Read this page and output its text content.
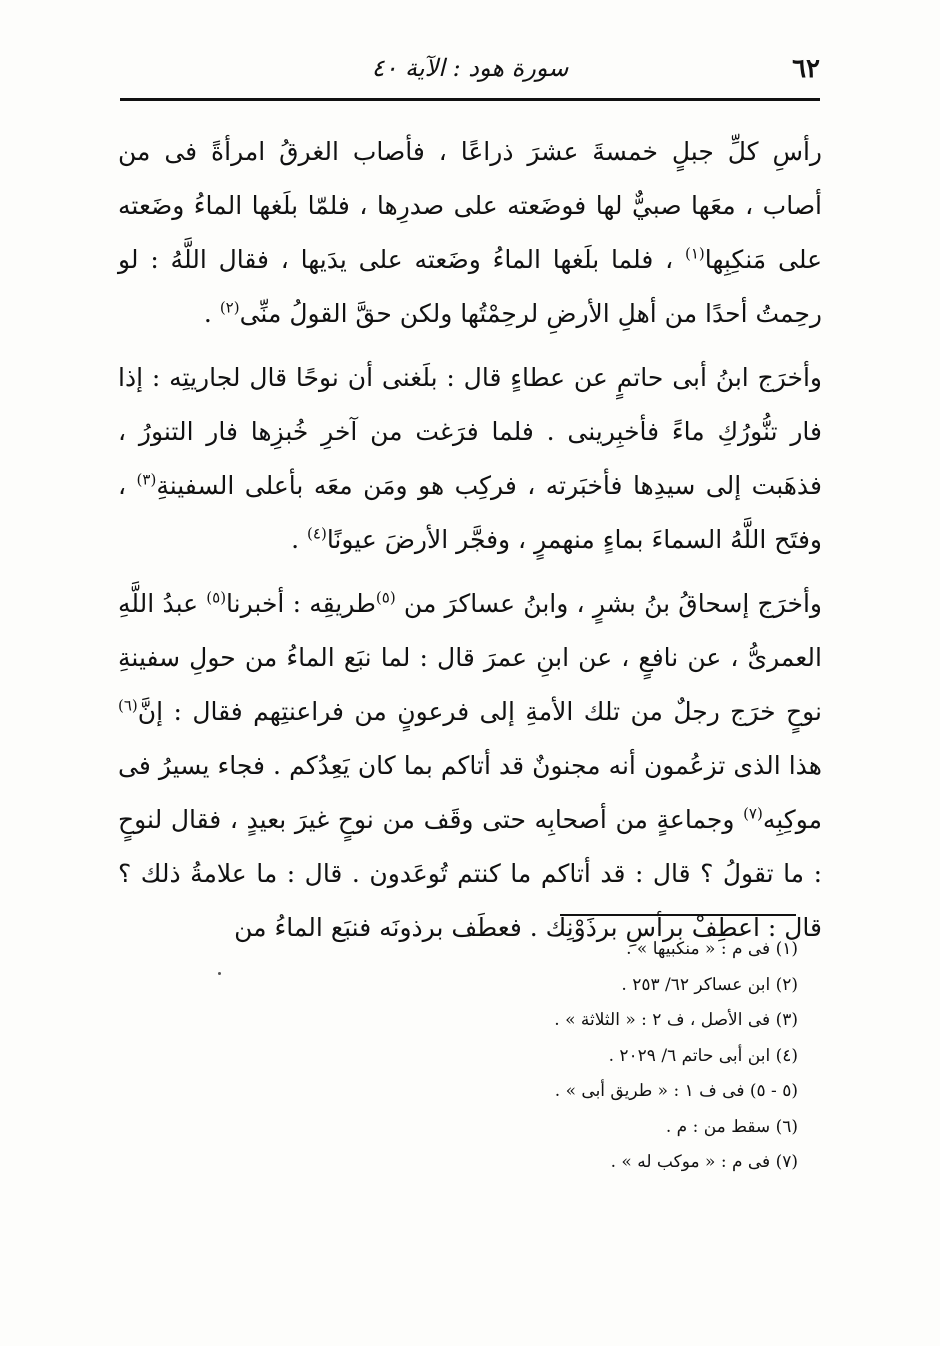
٦٢
سورة هود : الآية ٤٠

رأسِ كلِّ جبلٍ خمسةَ عشرَ ذراعًا ، فأصاب الغرقُ امرأةً فى من أصاب ، معَها صبيٌّ لها فوضَعته على صدرِها ، فلمّا بلَغها الماءُ وضَعته على مَنكِبِها$^{(١)}$ ، فلما بلَغها الماءُ وضَعته على يدَيها ، فقال اللَّهُ : لو رحِمتُ أحدًا من أهلِ الأرضِ لرحِمْتُها ولكن حقَّ القولُ منِّى$^{(٢)}$ .

وأخرَج ابنُ أبى حاتمٍ عن عطاءٍ قال : بلَغنى أن نوحًا قال لجاريتِه : إذا فار تنُّورُكِ ماءً فأخبِرينى . فلما فرَغت من آخرِ خُبزِها فار التنورُ ، فذهَبت إلى سيدِها فأخبَرته ، فركِب هو ومَن معَه بأعلى السفينةِ$^{(٣)}$ ، وفتَح اللَّهُ السماءَ بماءٍ منهمرٍ ، وفجَّر الأرضَ عيونًا$^{(٤)}$ .

وأخرَج إسحاقُ بنُ بشرٍ ، وابنُ عساكرَ من $^{(٥)}$طريقِه : أخبرنا$^{(٥)}$ عبدُ اللَّهِ العمرىُّ ، عن نافعٍ ، عن ابنِ عمرَ قال : لما نبَع الماءُ من حولِ سفينةِ نوحٍ خرَج رجلٌ من تلك الأمةِ إلى فرعونٍ من فراعنتِهم فقال : إنَّ$^{(٦)}$ هذا الذى تزعُمون أنه مجنونٌ قد أتاكم بما كان يَعِدُكم . فجاء يسيرُ فى موكِبِه$^{(٧)}$ وجماعةٍ من أصحابِه حتى وقَف من نوحٍ غيرَ بعيدٍ ، فقال لنوحٍ : ما تقولُ ؟ قال : قد أتاكم ما كنتم تُوعَدون . قال : ما علامةُ ذلك ؟ قال : اعطِفْ برأسِ برذَوْنِك . فعطَف برذونَه فنبَع الماءُ من

(١) فى م : « منكبيها » .

(٢) ابن عساكر ٦٢/ ٢٥٣ .

(٣) فى الأصل ، ف ٢ : « الثلاثة » .

(٤) ابن أبى حاتم ٦/ ٢٠٢٩ .

(٥ - ٥) فى ف ١ : « طريق أبى » .

(٦) سقط من : م .

(٧) فى م : « موكب له » .
